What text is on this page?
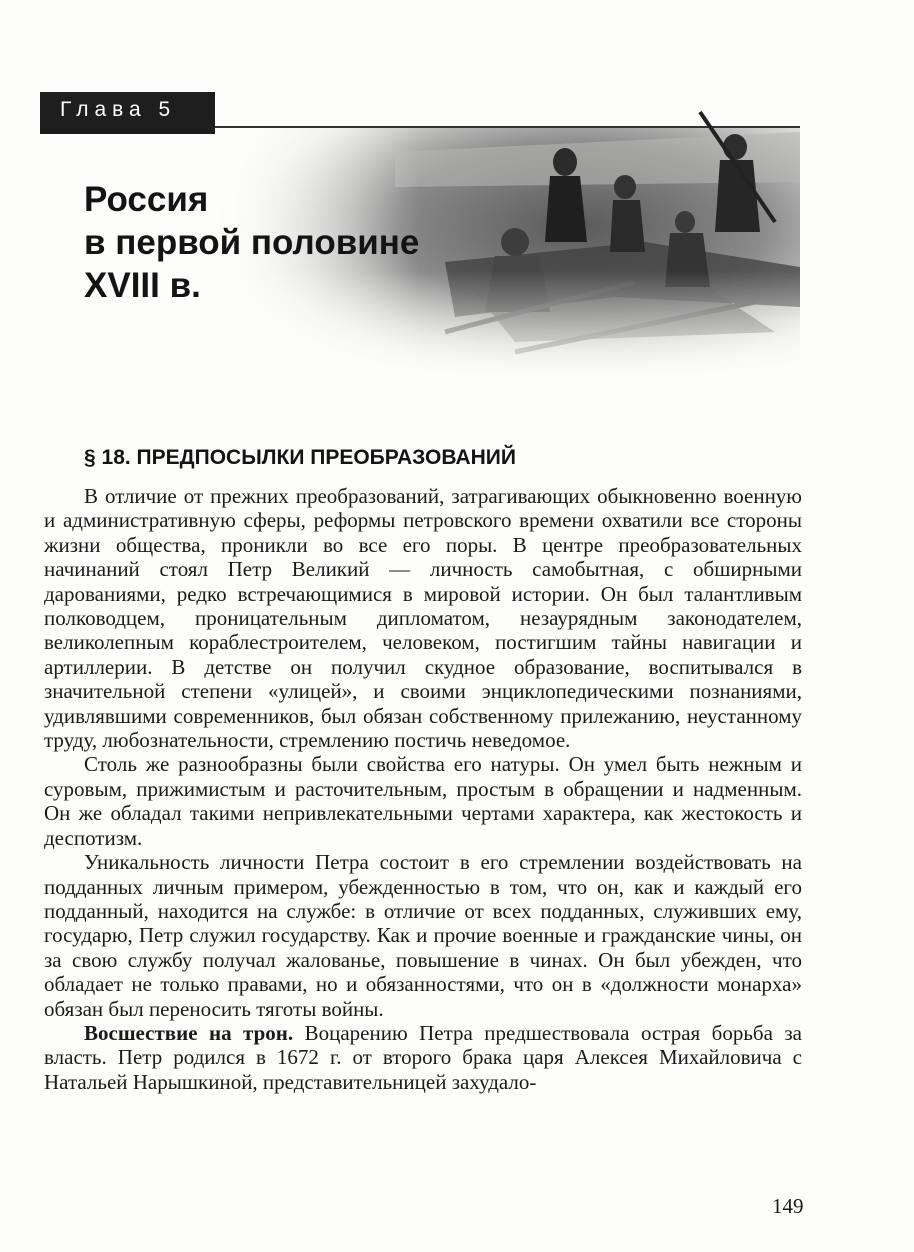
Глава 5
Россия
в первой половине
XVIII в.
§ 18. ПРЕДПОСЫЛКИ ПРЕОБРАЗОВАНИЙ

В отличие от прежних преобразований, затрагивающих обыкновенно военную и административную сферы, реформы петровского времени охватили все стороны жизни общества, проникли во все его поры. В центре преобразовательных начинаний стоял Петр Великий — личность самобытная, с обширными дарованиями, редко встречающимися в мировой истории. Он был талантливым полководцем, проницательным дипломатом, незаурядным законодателем, великолепным кораблестроителем, человеком, постигшим тайны навигации и артиллерии. В детстве он получил скудное образование, воспитывался в значительной степени «улицей», и своими энциклопедическими познаниями, удивлявшими современников, был обязан собственному прилежанию, неустанному труду, любознательности, стремлению постичь неведомое.

Столь же разнообразны были свойства его натуры. Он умел быть нежным и суровым, прижимистым и расточительным, простым в обращении и надменным. Он же обладал такими непривлекательными чертами характера, как жестокость и деспотизм.

Уникальность личности Петра состоит в его стремлении воздействовать на подданных личным примером, убежденностью в том, что он, как и каждый его подданный, находится на службе: в отличие от всех подданных, служивших ему, государю, Петр служил государству. Как и прочие военные и гражданские чины, он за свою службу получал жалованье, повышение в чинах. Он был убежден, что обладает не только правами, но и обязанностями, что он в «должности монарха» обязан был переносить тяготы войны.

Восшествие на трон. Воцарению Петра предшествовала острая борьба за власть. Петр родился в 1672 г. от второго брака царя Алексея Михайловича с Натальей Нарышкиной, представительницей захудало-

149
